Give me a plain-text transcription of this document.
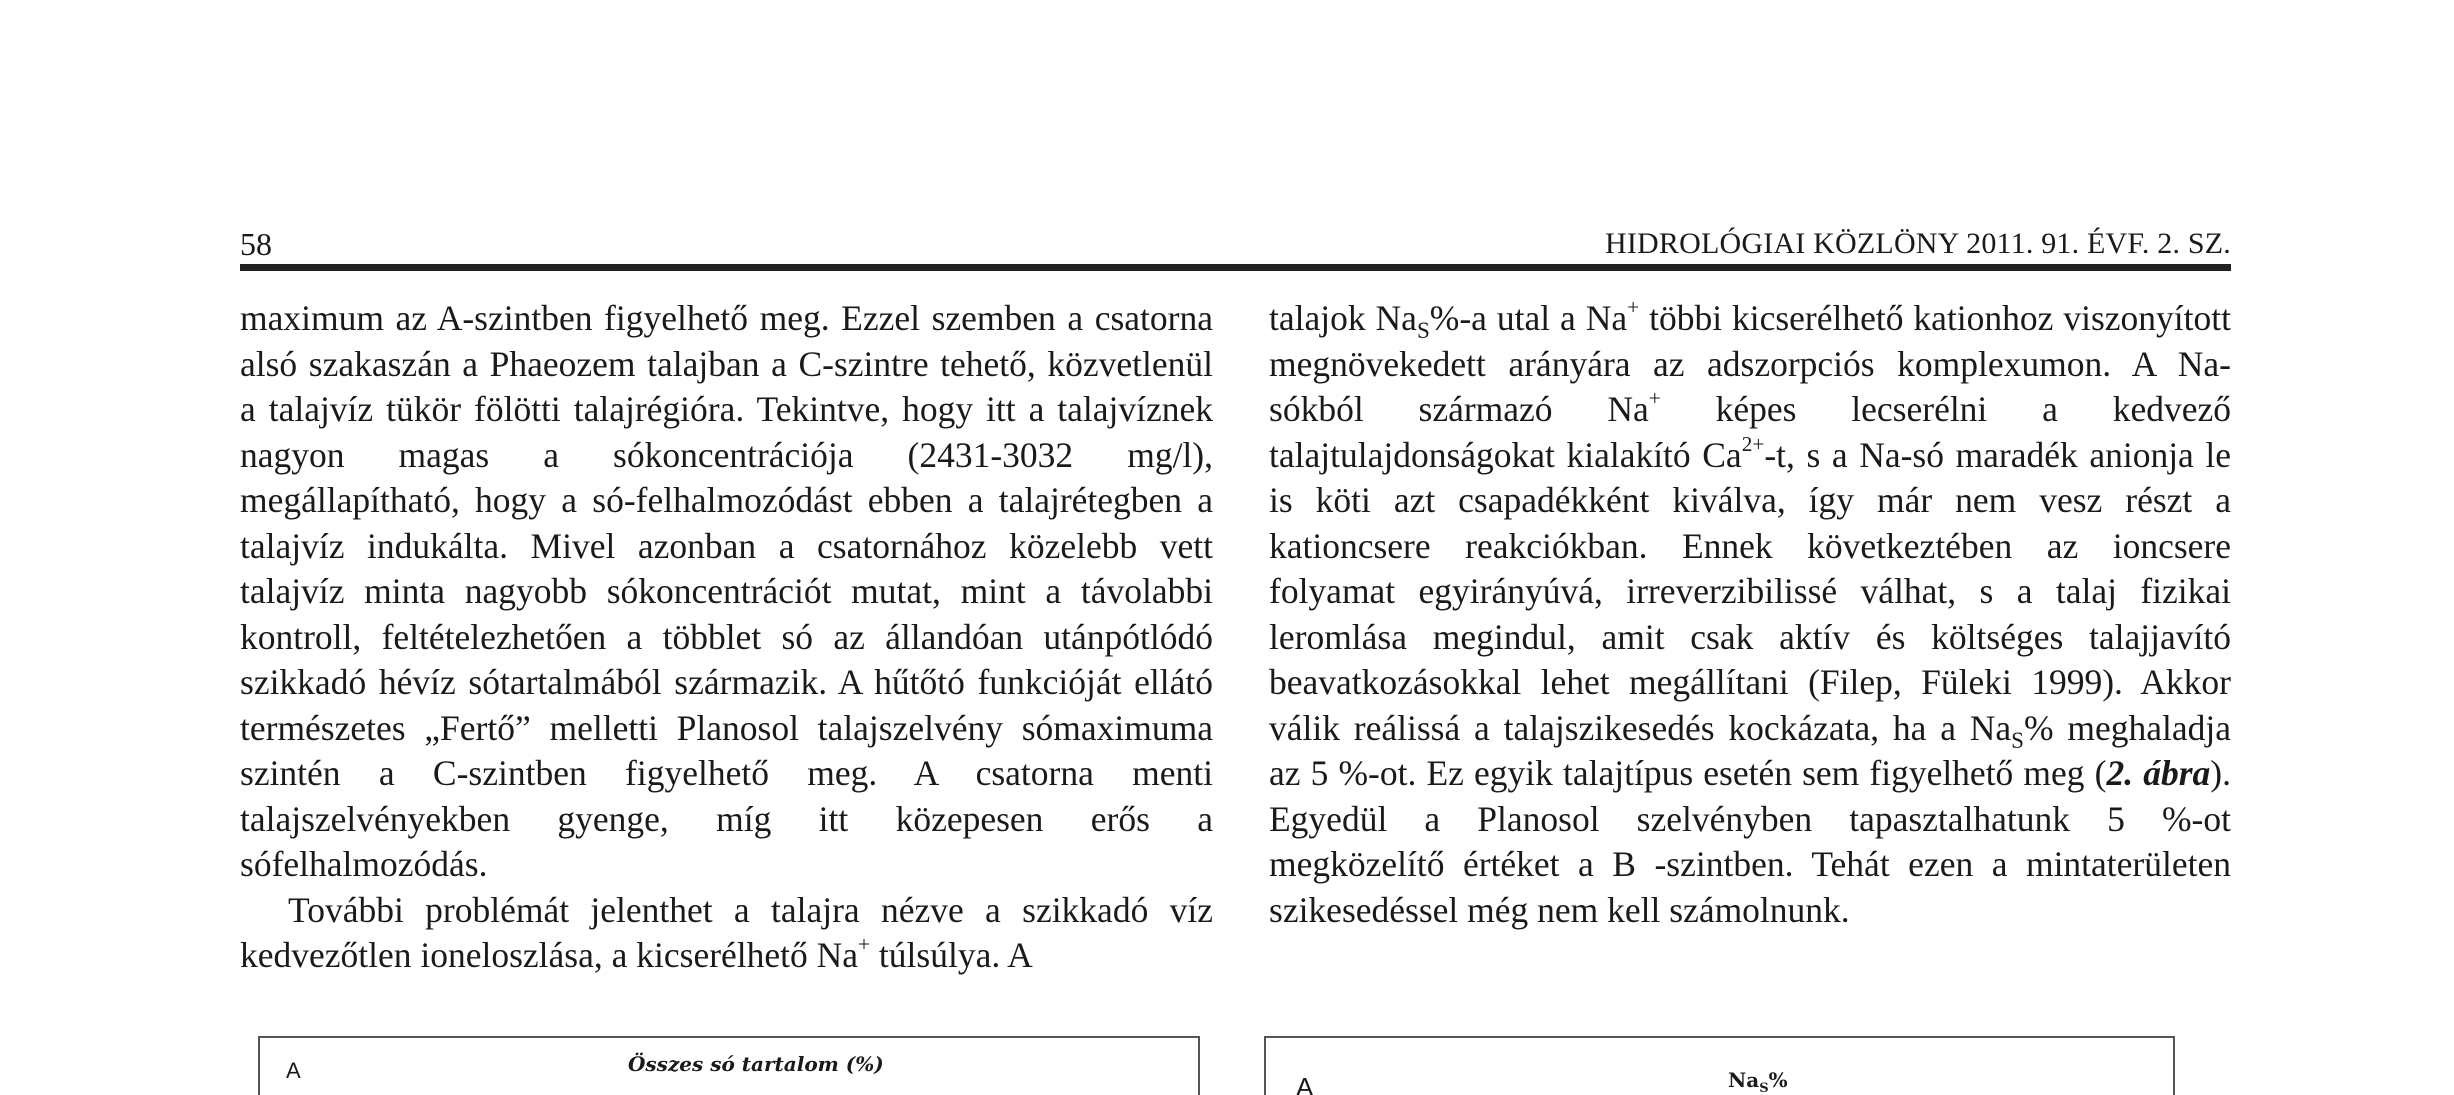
58	HIDROLÓGIAI KÖZLÖNY 2011. 91. ÉVF. 2. SZ.

maximum az A-szintben figyelhető meg. Ezzel szemben a csatorna alsó szakaszán a Phaeozem talajban a C-szintre tehető, közvetlenül a talajvíz tükör fölötti talajrégióra. Tekintve, hogy itt a talajvíznek nagyon magas a sókoncentrációja (2431-3032 mg/l), megállapítható, hogy a só-felhalmozódást ebben a talajrétegben a talajvíz indukálta. Mivel azonban a csatornához közelebb vett talajvíz minta nagyobb sókoncentrációt mutat, mint a távolabbi kontroll, feltételezhetően a többlet só az állandóan utánpótlódó szikkadó hévíz sótartalmából származik. A hűtőtó funkcióját ellátó természetes „Fertő” melletti Planosol talajszelvény sómaximuma szintén a C-szintben figyelhető meg. A csatorna menti talajszelvényekben gyenge, míg itt közepesen erős a sófelhalmozódás.

További problémát jelenthet a talajra nézve a szikkadó víz kedvezőtlen ioneloszlása, a kicserélhető Na+ túlsúlya. A

talajok $Na_S\%-a$ utal a Na+ többi kicserélhető kationhoz viszonyított megnövekedett arányára az adszorpciós komplexumon. A Na-sókból származó Na+ képes lecserélni a kedvező talajtulajdonságokat kialakító $Ca^{2+}-t$, s a Na-só maradék anionja le is köti azt csapadékként kiválva, így már nem vesz részt a kationcsere reakciókban. Ennek következtében az ioncsere folyamat egyirányúvá, irreverzibilissé válhat, s a talaj fizikai leromlása megindul, amit csak aktív és költséges talajjavító beavatkozásokkal lehet megállítani (Filep, Füleki 1999). Akkor válik reálissá a talajszikesedés kockázata, ha a $Na_S\%$ meghaladja az 5 %-ot. Ez egyik talajtípus esetén sem figyelhető meg (2. ábra). Egyedül a Planosol szelvényben tapasztalhatunk 5 %-ot megközelítő értéket a B -szintben. Tehát ezen a mintaterületen szikesedéssel még nem kell számolnunk.

A	Összes só tartalom (%)
A	$Na_S\%$
